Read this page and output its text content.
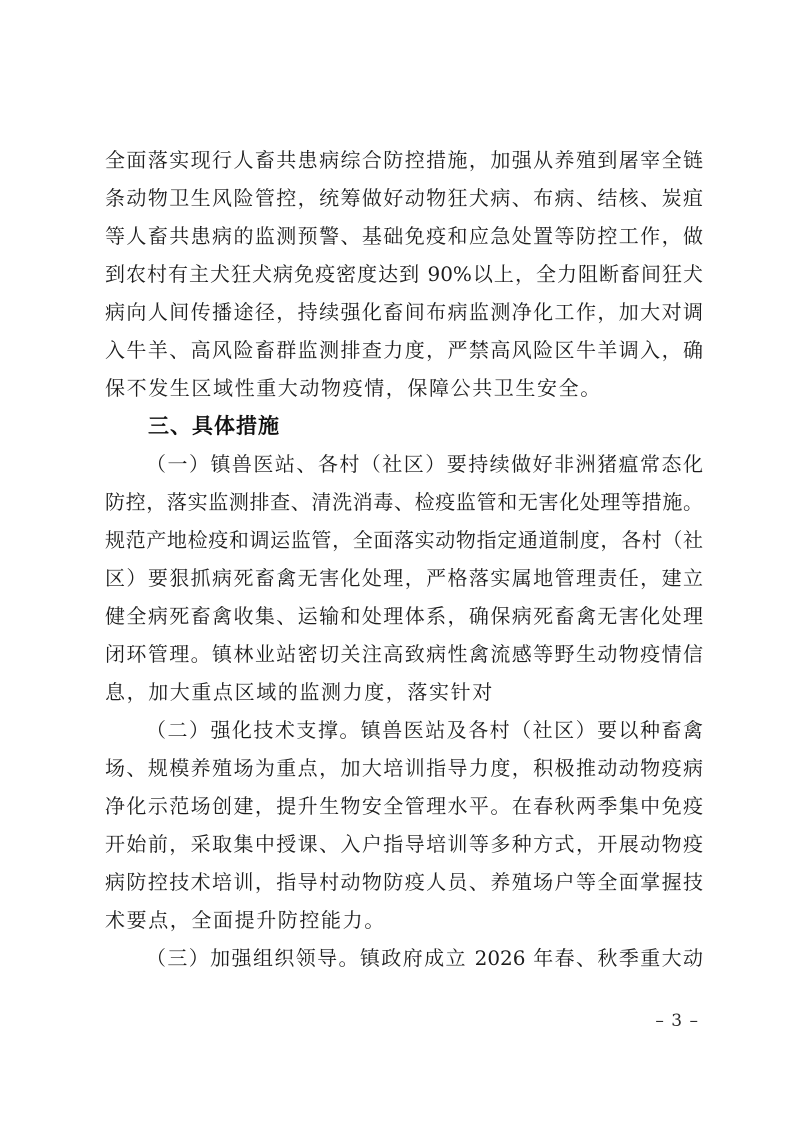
全面落实现行人畜共患病综合防控措施，加强从养殖到屠宰全链
条动物卫生风险管控，统筹做好动物狂犬病、布病、结核、炭疽
等人畜共患病的监测预警、基础免疫和应急处置等防控工作，做
到农村有主犬狂犬病免疫密度达到 90%以上，全力阻断畜间狂犬
病向人间传播途径，持续强化畜间布病监测净化工作，加大对调
入牛羊、高风险畜群监测排查力度，严禁高风险区牛羊调入，确
保不发生区域性重大动物疫情，保障公共卫生安全。
三、具体措施
（一）镇兽医站、各村（社区）要持续做好非洲猪瘟常态化
防控，落实监测排查、清洗消毒、检疫监管和无害化处理等措施。
规范产地检疫和调运监管，全面落实动物指定通道制度，各村（社
区）要狠抓病死畜禽无害化处理，严格落实属地管理责任，建立
健全病死畜禽收集、运输和处理体系，确保病死畜禽无害化处理
闭环管理。镇林业站密切关注高致病性禽流感等野生动物疫情信
息，加大重点区域的监测力度，落实针对
（二）强化技术支撑。镇兽医站及各村（社区）要以种畜禽
场、规模养殖场为重点，加大培训指导力度，积极推动动物疫病
净化示范场创建，提升生物安全管理水平。在春秋两季集中免疫
开始前，采取集中授课、入户指导培训等多种方式，开展动物疫
病防控技术培训，指导村动物防疫人员、养殖场户等全面掌握技
术要点，全面提升防控能力。
（三）加强组织领导。镇政府成立 2026 年春、秋季重大动
– 3 –
